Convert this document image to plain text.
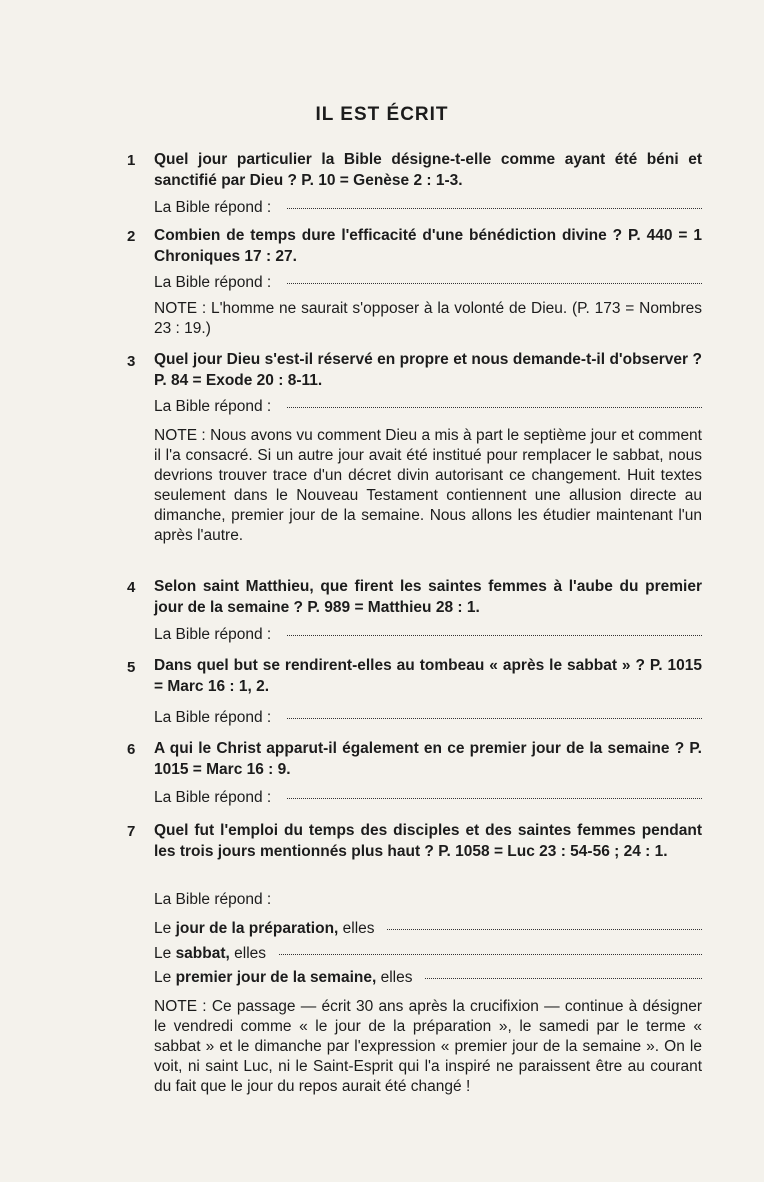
IL EST ÉCRIT
1 Quel jour particulier la Bible désigne-t-elle comme ayant été béni et sanctifié par Dieu ? P. 10 = Genèse 2 : 1-3.
La Bible répond :
2 Combien de temps dure l'efficacité d'une bénédiction divine ? P. 440 = 1 Chroniques 17 : 27.
La Bible répond :
NOTE : L'homme ne saurait s'opposer à la volonté de Dieu. (P. 173 = Nombres 23 : 19.)
3 Quel jour Dieu s'est-il réservé en propre et nous demande-t-il d'observer ? P. 84 = Exode 20 : 8-11.
La Bible répond :
NOTE : Nous avons vu comment Dieu a mis à part le septième jour et comment il l'a consacré. Si un autre jour avait été institué pour remplacer le sabbat, nous devrions trouver trace d'un décret divin autorisant ce changement. Huit textes seulement dans le Nouveau Testament contiennent une allusion directe au dimanche, premier jour de la semaine. Nous allons les étudier maintenant l'un après l'autre.
4 Selon saint Matthieu, que firent les saintes femmes à l'aube du premier jour de la semaine ? P. 989 = Matthieu 28 : 1.
La Bible répond :
5 Dans quel but se rendirent-elles au tombeau « après le sabbat » ? P. 1015 = Marc 16 : 1, 2.
La Bible répond :
6 A qui le Christ apparut-il également en ce premier jour de la semaine ? P. 1015 = Marc 16 : 9.
La Bible répond :
7 Quel fut l'emploi du temps des disciples et des saintes femmes pendant les trois jours mentionnés plus haut ? P. 1058 = Luc 23 : 54-56 ; 24 : 1.
La Bible répond :
Le
jour de la préparation,
elles

Le
sabbat,
elles

Le
premier jour de la semaine,
elles

NOTE : Ce passage — écrit 30 ans après la crucifixion — continue à désigner le vendredi comme « le jour de la préparation », le samedi par le terme « sabbat » et le dimanche par l'expression « premier jour de la semaine ». On le voit, ni saint Luc, ni le Saint-Esprit qui l'a inspiré ne paraissent être au courant du fait que le jour du repos aurait été changé !
